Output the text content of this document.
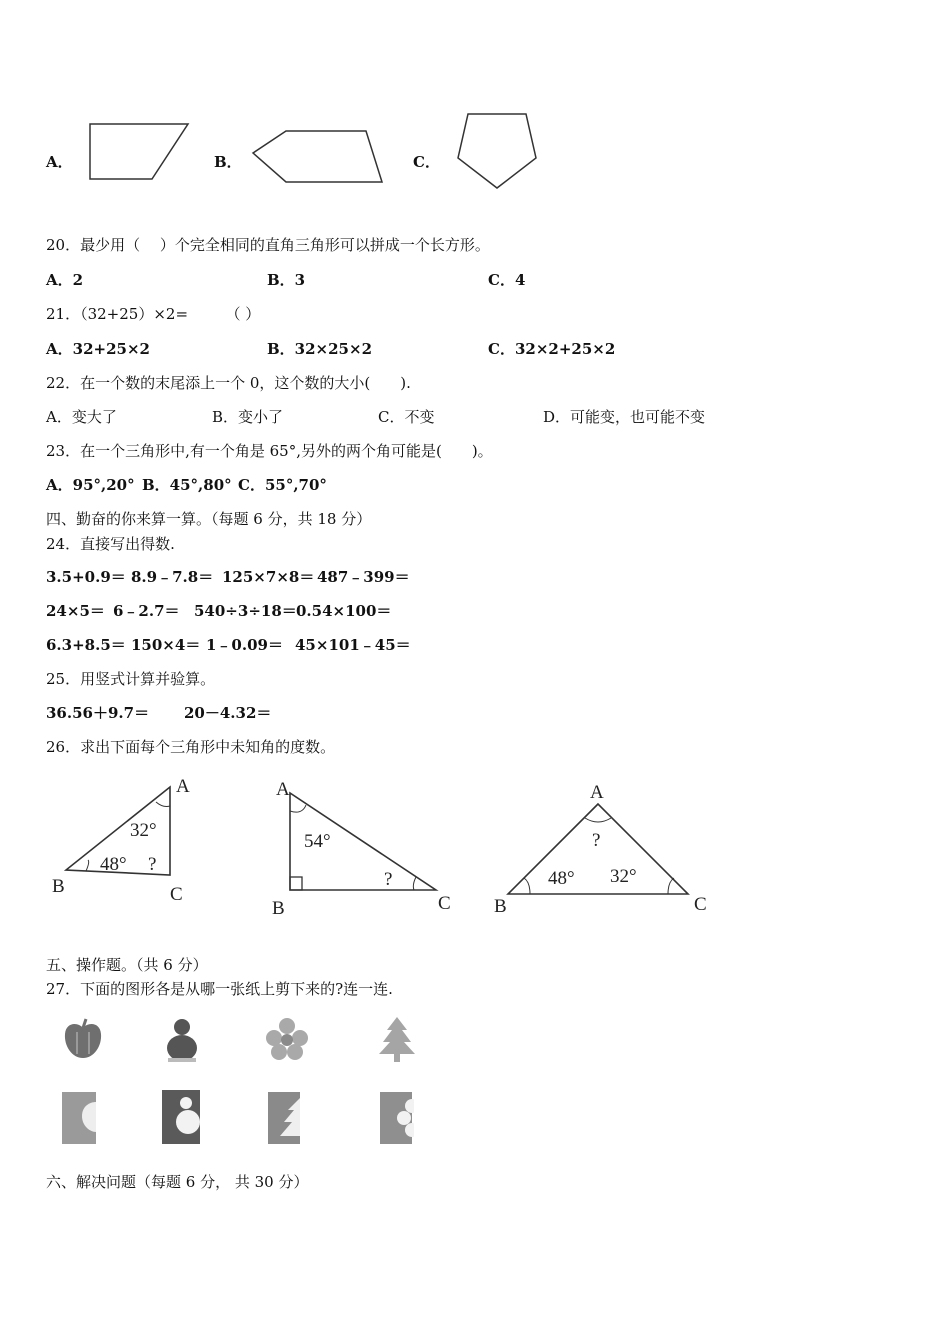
A．	B．	C．
20．最少用（　 ）个完全相同的直角三角形可以拼成一个长方形。
A．2	B．3	C．4
21．（32+25）×2=　　　（ ）
A．32+25×2	B．32×25×2	C．32×2+25×2
22．在一个数的末尾添上一个 0，这个数的大小(　　).
A．变大了	B．变小了	C．不变	D．可能变，也可能不变
23．在一个三角形中,有一个角是 65°,另外的两个角可能是(　　)。
A．95°,20° B．45°,80° C．55°,70°
四、勤奋的你来算一算。（每题 6 分，共 18 分）
24．直接写出得数.
3.5+0.9＝ 8.9﹣7.8＝ 125×7×8＝ 487﹣399＝
24×5＝ 6﹣2.7＝ 540÷3÷18＝ 0.54×100＝
6.3+8.5＝ 150×4＝ 1﹣0.09＝ 45×101﹣45＝
25．用竖式计算并验算。
36.56＋9.7＝ 20－4.32＝
26．求出下面每个三角形中未知角的度数。
A
B	C
32°
48° ?
A
B	C
54°
?
A
B	C
?
48° 32°
五、操作题。（共 6 分）
27．下面的图形各是从哪一张纸上剪下来的?连一连.
六、解决问题（每题 6 分， 共 30 分）
